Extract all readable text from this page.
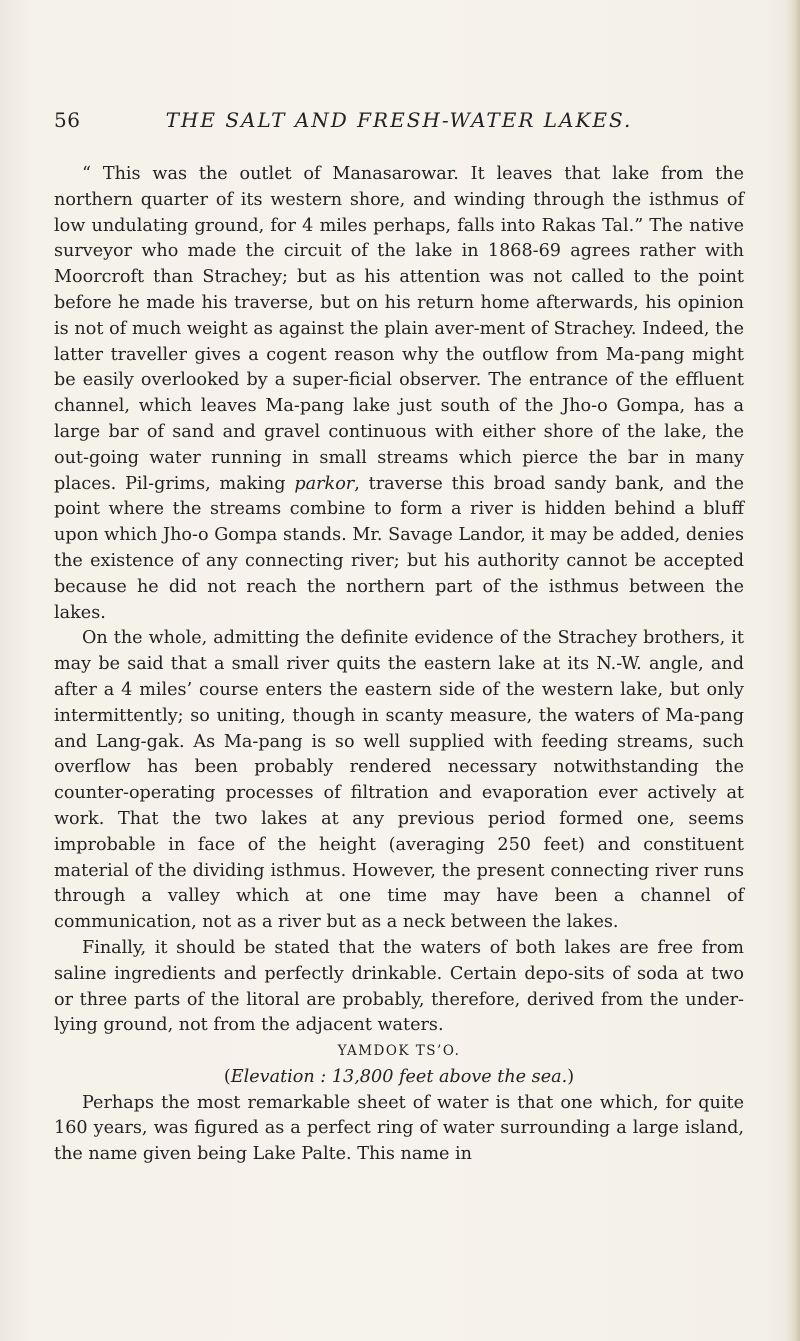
56	THE SALT AND FRESH-WATER LAKES.

“ This was the outlet of Manasarowar. It leaves that lake from the northern quarter of its western shore, and winding through the isthmus of low undulating ground, for 4 miles perhaps, falls into Rakas Tal.” The native surveyor who made the circuit of the lake in 1868-69 agrees rather with Moorcroft than Strachey; but as his attention was not called to the point before he made his traverse, but on his return home afterwards, his opinion is not of much weight as against the plain aver-ment of Strachey. Indeed, the latter traveller gives a cogent reason why the outflow from Ma-pang might be easily overlooked by a super-ficial observer. The entrance of the effluent channel, which leaves Ma-pang lake just south of the Jho-o Gompa, has a large bar of sand and gravel continuous with either shore of the lake, the out-going water running in small streams which pierce the bar in many places. Pil-grims, making parkor, traverse this broad sandy bank, and the point where the streams combine to form a river is hidden behind a bluff upon which Jho-o Gompa stands. Mr. Savage Landor, it may be added, denies the existence of any connecting river; but his authority cannot be accepted because he did not reach the northern part of the isthmus between the lakes.

On the whole, admitting the definite evidence of the Strachey brothers, it may be said that a small river quits the eastern lake at its N.-W. angle, and after a 4 miles’ course enters the eastern side of the western lake, but only intermittently; so uniting, though in scanty measure, the waters of Ma-pang and Lang-gak. As Ma-pang is so well supplied with feeding streams, such overflow has been probably rendered necessary notwithstanding the counter-operating processes of filtration and evaporation ever actively at work. That the two lakes at any previous period formed one, seems improbable in face of the height (averaging 250 feet) and constituent material of the dividing isthmus. However, the present connecting river runs through a valley which at one time may have been a channel of communication, not as a river but as a neck between the lakes.

Finally, it should be stated that the waters of both lakes are free from saline ingredients and perfectly drinkable. Certain depo-sits of soda at two or three parts of the litoral are probably, therefore, derived from the under-lying ground, not from the adjacent waters.

YAMDOK TS’O.

(Elevation : 13,800 feet above the sea.)

Perhaps the most remarkable sheet of water is that one which, for quite 160 years, was figured as a perfect ring of water surrounding a large island, the name given being Lake Palte. This name in
